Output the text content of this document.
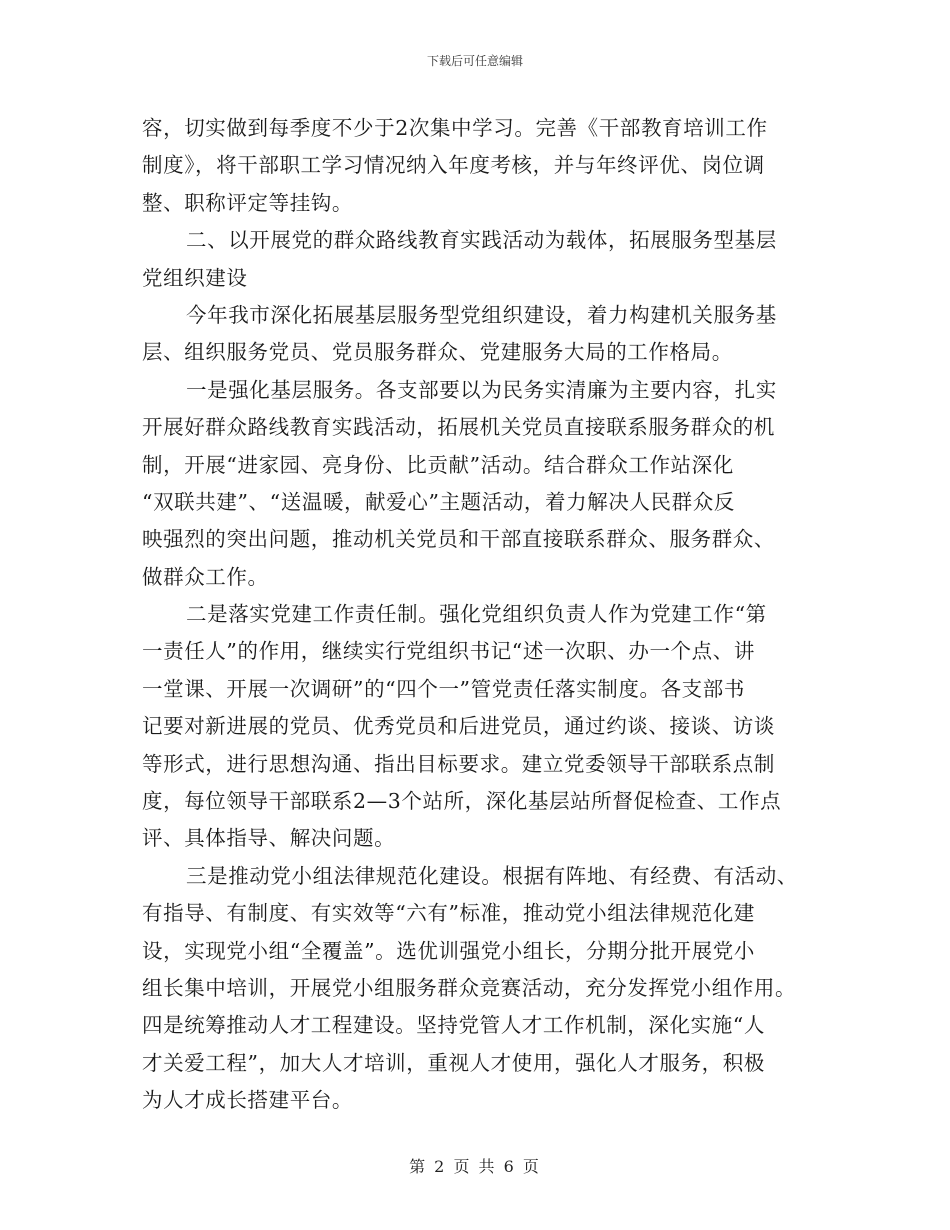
下载后可任意编辑
容，切实做到每季度不少于2次集中学习。完善《干部教育培训工作
制度》，将干部职工学习情况纳入年度考核，并与年终评优、岗位调
整、职称评定等挂钩。
二、以开展党的群众路线教育实践活动为载体，拓展服务型基层
党组织建设
今年我市深化拓展基层服务型党组织建设，着力构建机关服务基
层、组织服务党员、党员服务群众、党建服务大局的工作格局。
一是强化基层服务。各支部要以为民务实清廉为主要内容，扎实
开展好群众路线教育实践活动，拓展机关党员直接联系服务群众的机
制，开展“进家园、亮身份、比贡献”活动。结合群众工作站深化
“双联共建”、“送温暖，献爱心”主题活动，着力解决人民群众反
映强烈的突出问题，推动机关党员和干部直接联系群众、服务群众、
做群众工作。
二是落实党建工作责任制。强化党组织负责人作为党建工作“第
一责任人”的作用，继续实行党组织书记“述一次职、办一个点、讲
一堂课、开展一次调研”的“四个一”管党责任落实制度。各支部书
记要对新进展的党员、优秀党员和后进党员，通过约谈、接谈、访谈
等形式，进行思想沟通、指出目标要求。建立党委领导干部联系点制
度，每位领导干部联系2—3个站所，深化基层站所督促检查、工作点
评、具体指导、解决问题。
三是推动党小组法律规范化建设。根据有阵地、有经费、有活动、
有指导、有制度、有实效等“六有”标准，推动党小组法律规范化建
设，实现党小组“全覆盖”。选优训强党小组长，分期分批开展党小
组长集中培训，开展党小组服务群众竞赛活动，充分发挥党小组作用。
四是统筹推动人才工程建设。坚持党管人才工作机制，深化实施“人
才关爱工程”，加大人才培训，重视人才使用，强化人才服务，积极
为人才成长搭建平台。
第 2 页 共 6 页
